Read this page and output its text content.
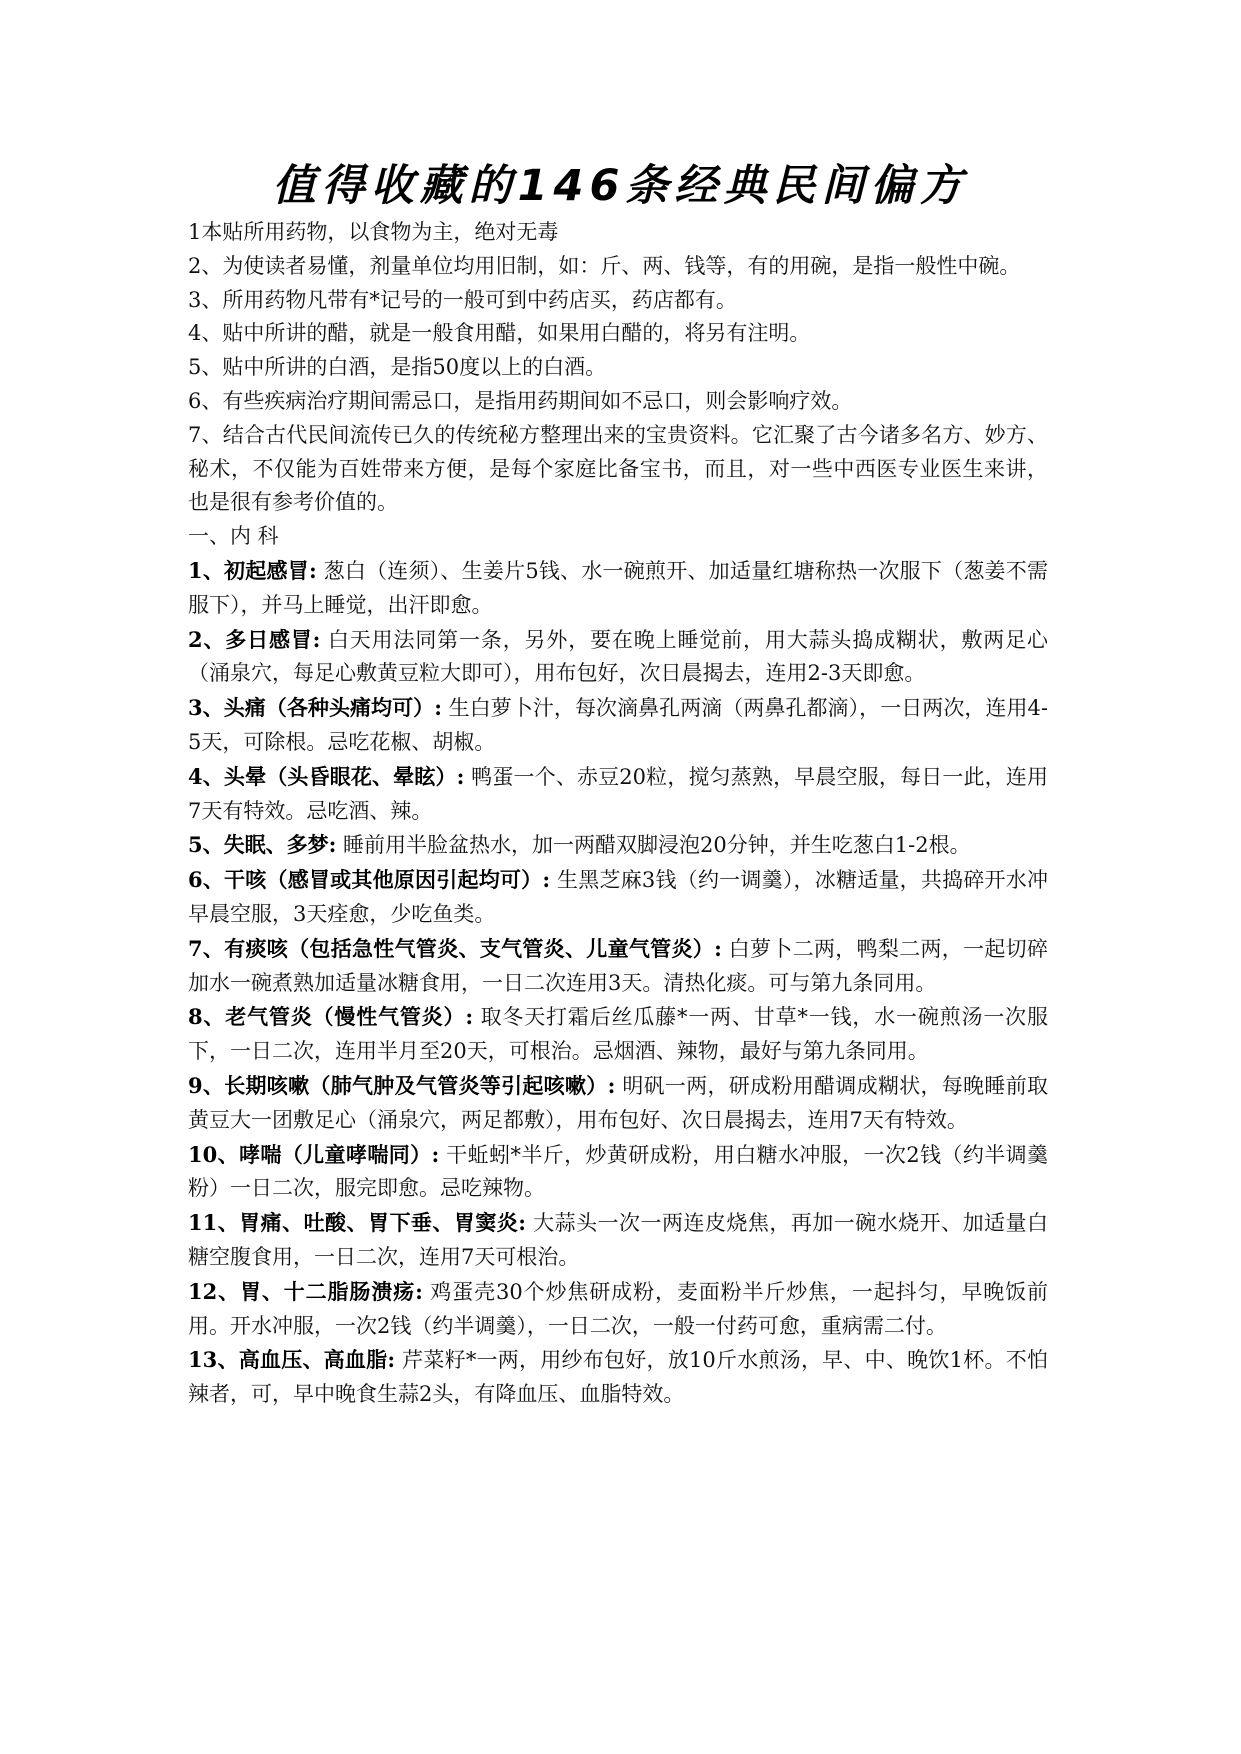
值得收藏的146条经典民间偏方

1本贴所用药物，以食物为主，绝对无毒

2、为使读者易懂，剂量单位均用旧制，如：斤、两、钱等，有的用碗，是指一般性中碗。

3、所用药物凡带有*记号的一般可到中药店买，药店都有。

4、贴中所讲的醋，就是一般食用醋，如果用白醋的，将另有注明。

5、贴中所讲的白酒，是指50度以上的白酒。

6、有些疾病治疗期间需忌口，是指用药期间如不忌口，则会影响疗效。

7、结合古代民间流传已久的传统秘方整理出来的宝贵资料。它汇聚了古今诸多名方、妙方、秘术，不仅能为百姓带来方便，是每个家庭比备宝书，而且，对一些中西医专业医生来讲，也是很有参考价值的。

一、内 科

1、初起感冒: 葱白（连须）、生姜片5钱、水一碗煎开、加适量红塘称热一次服下（葱姜不需服下），并马上睡觉，出汗即愈。

2、多日感冒: 白天用法同第一条，另外，要在晚上睡觉前，用大蒜头捣成糊状，敷两足心（涌泉穴，每足心敷黄豆粒大即可），用布包好，次日晨揭去，连用2-3天即愈。

3、头痛（各种头痛均可）: 生白萝卜汁，每次滴鼻孔两滴（两鼻孔都滴），一日两次，连用4-5天，可除根。忌吃花椒、胡椒。

4、头晕（头昏眼花、晕眩）: 鸭蛋一个、赤豆20粒，搅匀蒸熟，早晨空服，每日一此，连用7天有特效。忌吃酒、辣。

5、失眠、多梦: 睡前用半脸盆热水，加一两醋双脚浸泡20分钟，并生吃葱白1-2根。

6、干咳（感冒或其他原因引起均可）: 生黑芝麻3钱（约一调羹），冰糖适量，共捣碎开水冲早晨空服，3天痊愈，少吃鱼类。

7、有痰咳（包括急性气管炎、支气管炎、儿童气管炎）: 白萝卜二两，鸭梨二两，一起切碎加水一碗煮熟加适量冰糖食用，一日二次连用3天。清热化痰。可与第九条同用。

8、老气管炎（慢性气管炎）: 取冬天打霜后丝瓜藤*一两、甘草*一钱，水一碗煎汤一次服下，一日二次，连用半月至20天，可根治。忌烟酒、辣物，最好与第九条同用。

9、长期咳嗽（肺气肿及气管炎等引起咳嗽）: 明矾一两，研成粉用醋调成糊状，每晚睡前取黄豆大一团敷足心（涌泉穴，两足都敷），用布包好、次日晨揭去，连用7天有特效。

10、哮喘（儿童哮喘同）: 干蚯蚓*半斤，炒黄研成粉，用白糖水冲服，一次2钱（约半调羹粉）一日二次，服完即愈。忌吃辣物。

11、胃痛、吐酸、胃下垂、胃窦炎: 大蒜头一次一两连皮烧焦，再加一碗水烧开、加适量白糖空腹食用，一日二次，连用7天可根治。

12、胃、十二脂肠溃疡: 鸡蛋壳30个炒焦研成粉，麦面粉半斤炒焦，一起抖匀，早晚饭前用。开水冲服，一次2钱（约半调羹），一日二次，一般一付药可愈，重病需二付。

13、高血压、高血脂: 芹菜籽*一两，用纱布包好，放10斤水煎汤，早、中、晚饮1杯。不怕辣者，可，早中晚食生蒜2头，有降血压、血脂特效。
